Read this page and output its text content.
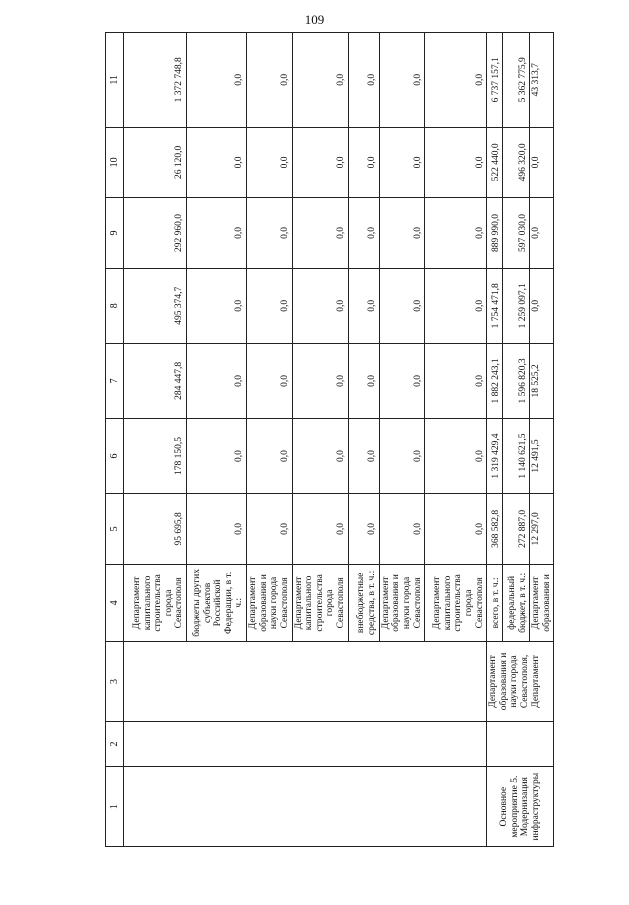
109
1	2	3	4	5	6	7	8	9	10	11
			Департамент капитального строительства города Севастополя	95 695,8	178 150,5	284 447,8	495 374,7	292 960,0	26 120,0	1 372 748,8
			бюджеты других субъектов Российской Федерации, в т. ч.:	0,0	0,0	0,0	0,0	0,0	0,0	0,0
			Департамент образования и науки города Севастополя	0,0	0,0	0,0	0,0	0,0	0,0	0,0
			Департамент капитального строительства города Севастополя	0,0	0,0	0,0	0,0	0,0	0,0	0,0
			внебюджетные средства, в т. ч.:	0,0	0,0	0,0	0,0	0,0	0,0	0,0
			Департамент образования и науки города Севастополя	0,0	0,0	0,0	0,0	0,0	0,0	0,0
			Департамент капитального строительства города Севастополя	0,0	0,0	0,0	0,0	0,0	0,0	0,0
Основное мероприятие 5. Модернизация инфраструктуры		Департамент образования и науки города Севастополя, Департамент	всего, в т. ч.:	368 582,8	1 319 429,4	1 882 243,1	1 754 471,8	889 990,0	522 440,0	6 737 157,1
			федеральный бюджет, в т. ч.:	272 887,0	1 140 621,5	1 596 820,3	1 259 097,1	597 030,0	496 320,0	5 362 775,9
			Департамент образования и	12 297,0	12 491,5	18 525,2	0,0	0,0	0,0	43 313,7
